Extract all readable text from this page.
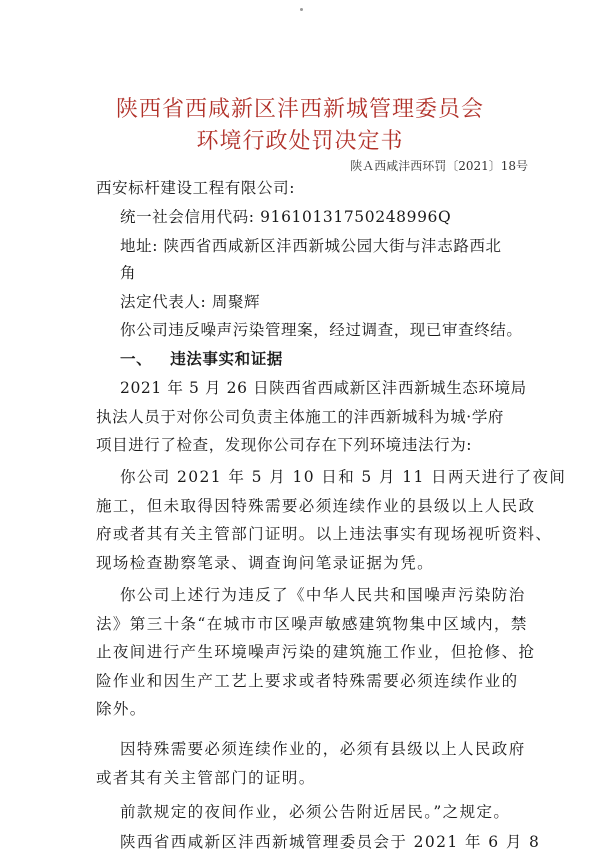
陕西省西咸新区沣西新城管理委员会
环境行政处罚决定书
陕Ａ西咸沣西环罚〔2021〕18号
西安标杆建设工程有限公司:
统一社会信用代码: 91610131750248996Q
地址: 陕西省西咸新区沣西新城公园大街与沣志路西北
角
法定代表人: 周聚辉
你公司违反噪声污染管理案，经过调查，现已审查终结。
一、 违法事实和证据
2021 年 5 月 26 日陕西省西咸新区沣西新城生态环境局
执法人员于对你公司负责主体施工的沣西新城科为城·学府
项目进行了检查，发现你公司存在下列环境违法行为:
你公司 2021 年 5 月 10 日和 5 月 11 日两天进行了夜间
施工，但未取得因特殊需要必须连续作业的县级以上人民政
府或者其有关主管部门证明。以上违法事实有现场视听资料、
现场检查勘察笔录、调查询问笔录证据为凭。
你公司上述行为违反了《中华人民共和国噪声污染防治
法》第三十条“在城市市区噪声敏感建筑物集中区域内，禁
止夜间进行产生环境噪声污染的建筑施工作业，但抢修、抢
险作业和因生产工艺上要求或者特殊需要必须连续作业的
除外。
因特殊需要必须连续作业的，必须有县级以上人民政府
或者其有关主管部门的证明。
前款规定的夜间作业，必须公告附近居民。”之规定。
陕西省西咸新区沣西新城管理委员会于 2021 年 6 月 8
